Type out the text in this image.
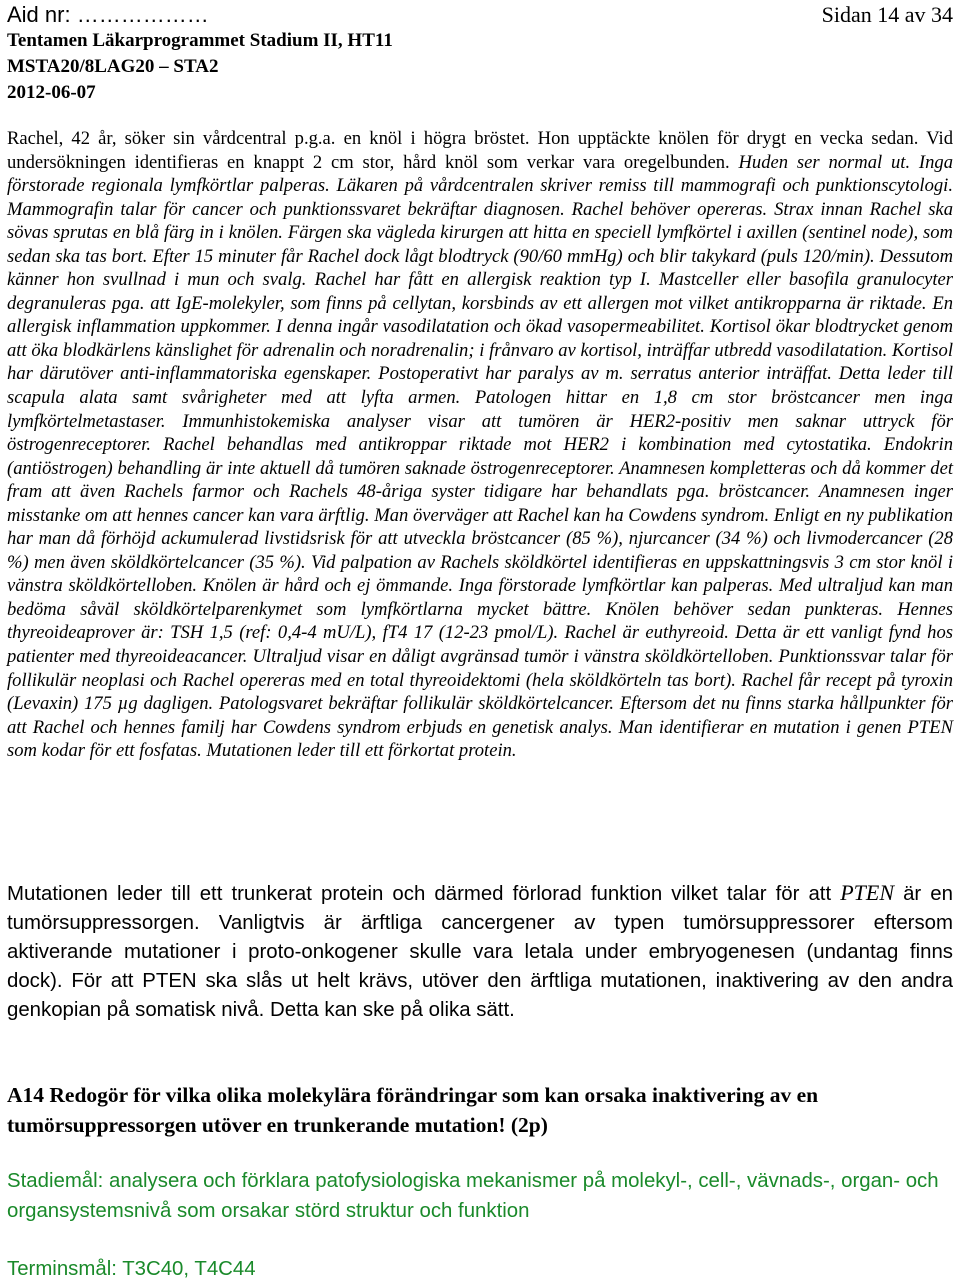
Aid nr: ………………	Sidan 14 av 34
Tentamen Läkarprogrammet Stadium II, HT11
MSTA20/8LAG20 – STA2
2012-06-07
Rachel, 42 år, söker sin vårdcentral p.g.a. en knöl i högra bröstet. Hon upptäckte knölen för drygt en vecka sedan. Vid undersökningen identifieras en knappt 2 cm stor, hård knöl som verkar vara oregelbunden. Huden ser normal ut. Inga förstorade regionala lymfkörtlar palperas. Läkaren på vårdcentralen skriver remiss till mammografi och punktionscytologi. Mammografin talar för cancer och punktionssvaret bekräftar diagnosen. Rachel behöver opereras. Strax innan Rachel ska sövas sprutas en blå färg in i knölen. Färgen ska vägleda kirurgen att hitta en speciell lymfkörtel i axillen (sentinel node), som sedan ska tas bort. Efter 15 minuter får Rachel dock lågt blodtryck (90/60 mmHg) och blir takykard (puls 120/min). Dessutom känner hon svullnad i mun och svalg. Rachel har fått en allergisk reaktion typ I. Mastceller eller basofila granulocyter degranuleras pga. att IgE-molekyler, som finns på cellytan, korsbinds av ett allergen mot vilket antikropparna är riktade. En allergisk inflammation uppkommer. I denna ingår vasodilatation och ökad vasopermeabilitet. Kortisol ökar blodtrycket genom att öka blodkärlens känslighet för adrenalin och noradrenalin; i frånvaro av kortisol, inträffar utbredd vasodilatation. Kortisol har därutöver anti-inflammatoriska egenskaper. Postoperativt har paralys av m. serratus anterior inträffat. Detta leder till scapula alata samt svårigheter med att lyfta armen. Patologen hittar en 1,8 cm stor bröstcancer men inga lymfkörtelmetastaser. Immunhistokemiska analyser visar att tumören är HER2-positiv men saknar uttryck för östrogenreceptorer. Rachel behandlas med antikroppar riktade mot HER2 i kombination med cytostatika. Endokrin (antiöstrogen) behandling är inte aktuell då tumören saknade östrogenreceptorer. Anamnesen kompletteras och då kommer det fram att även Rachels farmor och Rachels 48-åriga syster tidigare har behandlats pga. bröstcancer. Anamnesen inger misstanke om att hennes cancer kan vara ärftlig. Man överväger att Rachel kan ha Cowdens syndrom. Enligt en ny publikation har man då förhöjd ackumulerad livstidsrisk för att utveckla bröstcancer (85 %), njurcancer (34 %) och livmodercancer (28 %) men även sköldkörtelcancer (35 %). Vid palpation av Rachels sköldkörtel identifieras en uppskattningsvis 3 cm stor knöl i vänstra sköldkörtelloben. Knölen är hård och ej ömmande. Inga förstorade lymfkörtlar kan palperas. Med ultraljud kan man bedöma såväl sköldkörtelparenkymet som lymfkörtlarna mycket bättre. Knölen behöver sedan punkteras. Hennes thyreoideaprover är: TSH 1,5 (ref: 0,4-4 mU/L), fT4 17 (12-23 pmol/L). Rachel är euthyreoid. Detta är ett vanligt fynd hos patienter med thyreoideacancer. Ultraljud visar en dåligt avgränsad tumör i vänstra sköldkörtelloben. Punktionssvar talar för follikulär neoplasi och Rachel opereras med en total thyreoidektomi (hela sköldkörteln tas bort). Rachel får recept på tyroxin (Levaxin) 175 µg dagligen. Patologsvaret bekräftar follikulär sköldkörtelcancer. Eftersom det nu finns starka hållpunkter för att Rachel och hennes familj har Cowdens syndrom erbjuds en genetisk analys. Man identifierar en mutation i genen PTEN som kodar för ett fosfatas. Mutationen leder till ett förkortat protein.
Mutationen leder till ett trunkerat protein och därmed förlorad funktion vilket talar för att PTEN är en tumörsuppressorgen. Vanligtvis är ärftliga cancergener av typen tumörsuppressorer eftersom aktiverande mutationer i proto-onkogener skulle vara letala under embryogenesen (undantag finns dock). För att PTEN ska slås ut helt krävs, utöver den ärftliga mutationen, inaktivering av den andra genkopian på somatisk nivå. Detta kan ske på olika sätt.
A14 Redogör för vilka olika molekylära förändringar som kan orsaka inaktivering av en tumörsuppressorgen utöver en trunkerande mutation! (2p)
Stadiemål: analysera och förklara patofysiologiska mekanismer på molekyl-, cell-, vävnads-, organ- och organsystemsnivå som orsakar störd struktur och funktion
Terminsmål: T3C40, T4C44
